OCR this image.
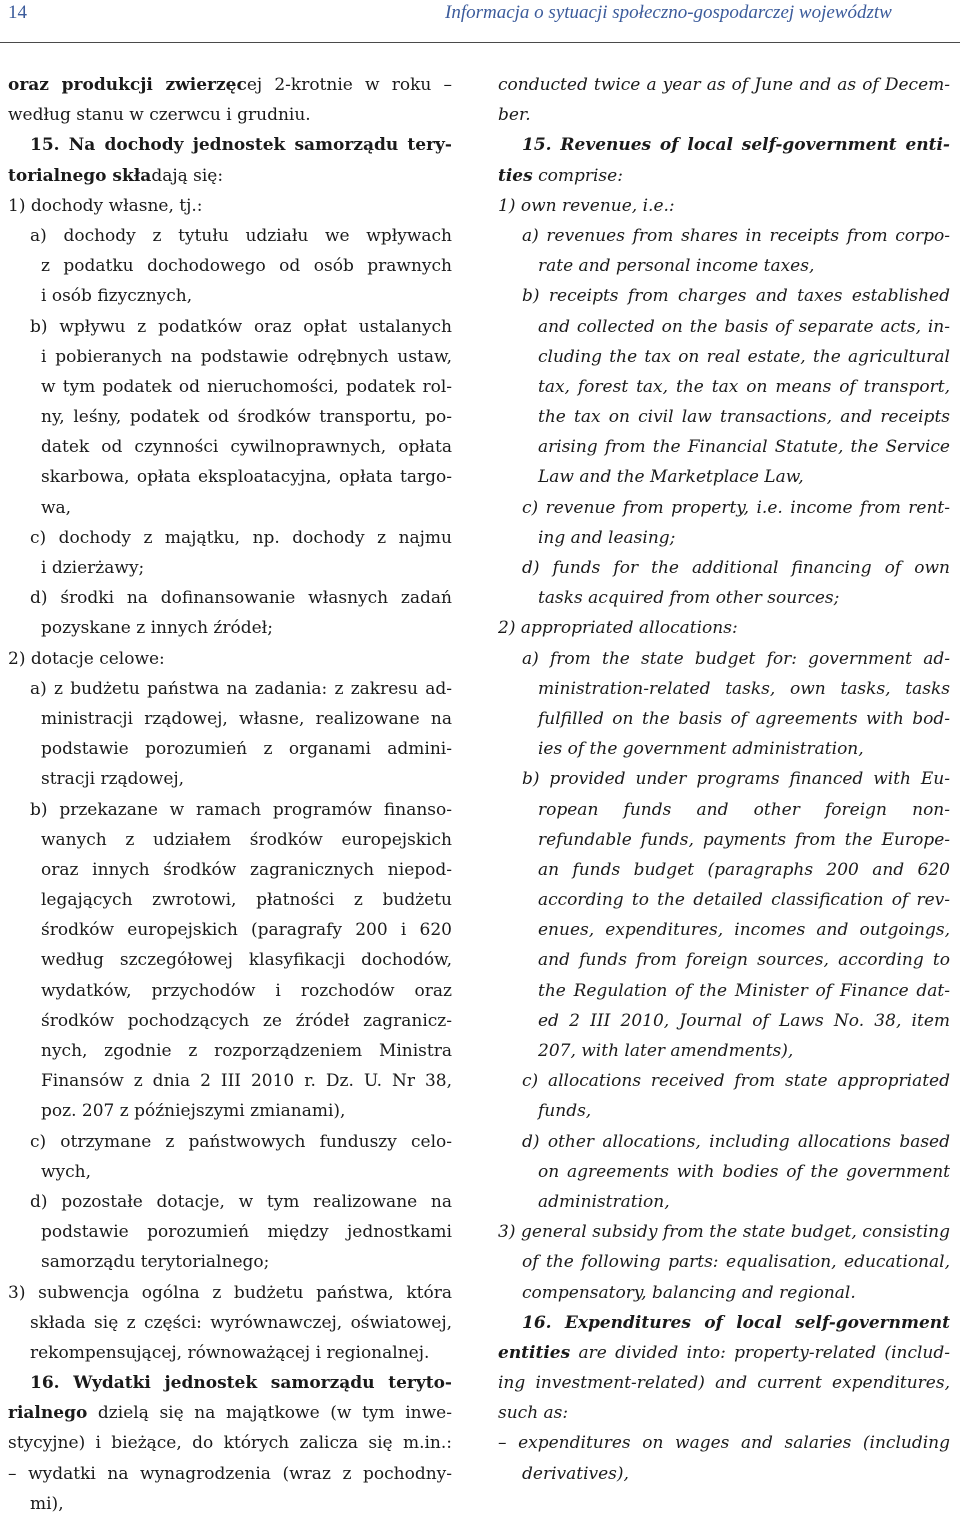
14	Informacja o sytuacji społeczno-gospodarczej województw
oraz produkcji zwierzęcej 2-krotnie w roku –
według stanu w czerwcu i grudniu.
15. Na dochody jednostek samorządu tery-
torialnego składają się:
1) dochody własne, tj.:
a) dochody z tytułu udziału we wpływach
z podatku dochodowego od osób prawnych
i osób fizycznych,
b) wpływu z podatków oraz opłat ustalanych
i pobieranych na podstawie odrębnych ustaw,
w tym podatek od nieruchomości, podatek rol-
ny, leśny, podatek od środków transportu, po-
datek od czynności cywilnoprawnych, opłata
skarbowa, opłata eksploatacyjna, opłata targo-
wa,
c) dochody z majątku, np. dochody z najmu
i dzierżawy;
d) środki na dofinansowanie własnych zadań
pozyskane z innych źródeł;
2) dotacje celowe:
a) z budżetu państwa na zadania: z zakresu ad-
ministracji rządowej, własne, realizowane na
podstawie porozumień z organami admini-
stracji rządowej,
b) przekazane w ramach programów finanso-
wanych z udziałem środków europejskich
oraz innych środków zagranicznych niepod-
legających zwrotowi, płatności z budżetu
środków europejskich (paragrafy 200 i 620
według szczegółowej klasyfikacji dochodów,
wydatków, przychodów i rozchodów oraz
środków pochodzących ze źródeł zagranicz-
nych, zgodnie z rozporządzeniem Ministra
Finansów z dnia 2 III 2010 r. Dz. U. Nr 38,
poz. 207 z późniejszymi zmianami),
c) otrzymane z państwowych funduszy celo-
wych,
d) pozostałe dotacje, w tym realizowane na
podstawie porozumień między jednostkami
samorządu terytorialnego;
3) subwencja ogólna z budżetu państwa, która
składa się z części: wyrównawczej, oświatowej,
rekompensującej, równoważącej i regionalnej.
16. Wydatki jednostek samorządu teryto-
rialnego dzielą się na majątkowe (w tym inwe-
stycyjne) i bieżące, do których zalicza się m.in.:
– wydatki na wynagrodzenia (wraz z pochodny-
mi),
conducted twice a year as of June and as of Decem-
ber.
15. Revenues of local self-government enti-
ties comprise:
1) own revenue, i.e.:
a) revenues from shares in receipts from corpo-
rate and personal income taxes,
b) receipts from charges and taxes established
and collected on the basis of separate acts, in-
cluding the tax on real estate, the agricultural
tax, forest tax, the tax on means of transport,
the tax on civil law transactions, and receipts
arising from the Financial Statute, the Service
Law and the Marketplace Law,
c) revenue from property, i.e. income from rent-
ing and leasing;
d) funds for the additional financing of own
tasks acquired from other sources;
2) appropriated allocations:
a) from the state budget for: government ad-
ministration-related tasks, own tasks, tasks
fulfilled on the basis of agreements with bod-
ies of the government administration,
b) provided under programs financed with Eu-
ropean funds and other foreign non-
refundable funds, payments from the Europe-
an funds budget (paragraphs 200 and 620
according to the detailed classification of rev-
enues, expenditures, incomes and outgoings,
and funds from foreign sources, according to
the Regulation of the Minister of Finance dat-
ed 2 III 2010, Journal of Laws No. 38, item
207, with later amendments),
c) allocations received from state appropriated
funds,
d) other allocations, including allocations based
on agreements with bodies of the government
administration,
3) general subsidy from the state budget, consisting
of the following parts: equalisation, educational,
compensatory, balancing and regional.
16. Expenditures of local self-government
entities are divided into: property-related (includ-
ing investment-related) and current expenditures,
such as:
– expenditures on wages and salaries (including
derivatives),
